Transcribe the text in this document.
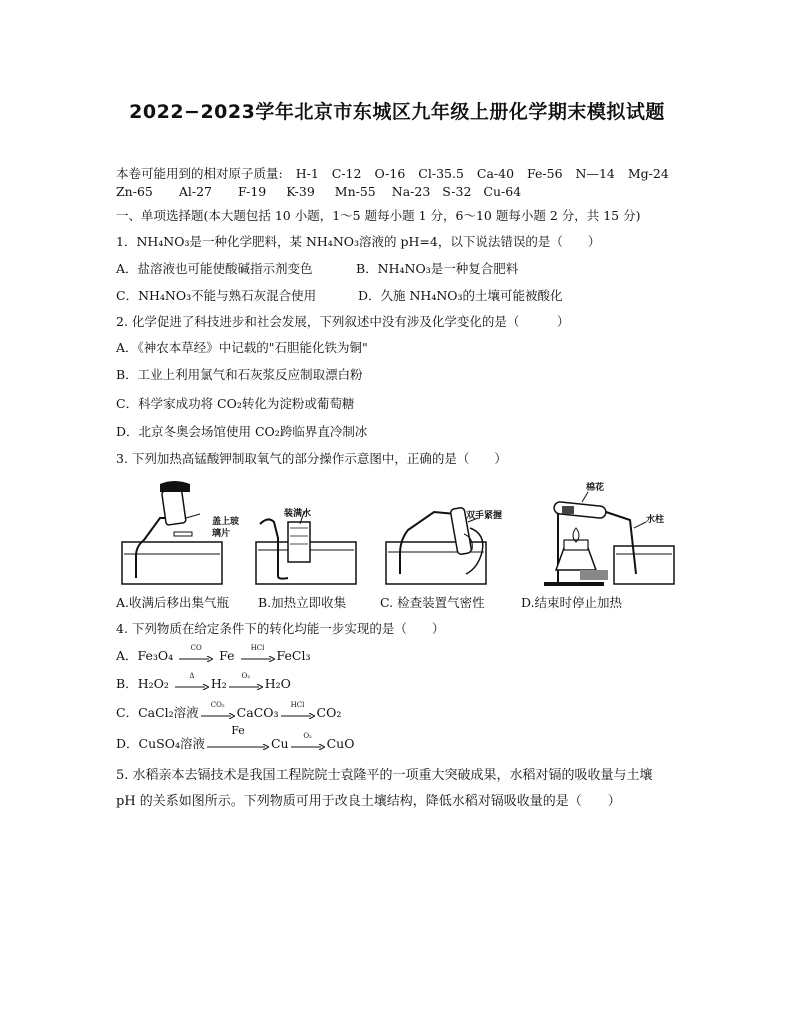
2022−2023学年北京市东城区九年级上册化学期末模拟试题
本卷可能用到的相对原子质量: H-1 C-12 O-16 Cl-35.5 Ca-40 Fe-56 N—14 Mg-24
Zn-65 Al-27 F-19 K-39 Mn-55 Na-23 S-32 Cu-64
一、单项选择题(本大题包括 10 小题，1～5 题每小题 1 分，6～10 题每小题 2 分，共 15 分)
1．NH₄NO₃是一种化学肥料，某 NH₄NO₃溶液的 pH=4，以下说法错误的是（　　）
A．盐溶液也可能使酸碱指示剂变色	B．NH₄NO₃是一种复合肥料
C．NH₄NO₃不能与熟石灰混合使用	D．久施 NH₄NO₃的土壤可能被酸化
2. 化学促进了科技进步和社会发展，下列叙述中没有涉及化学变化的是（　　　）
A．《神农本草经》中记载的"石胆能化铁为铜"
B．工业上利用氯气和石灰浆反应制取漂白粉
C．科学家成功将 CO₂转化为淀粉或葡萄糖
D．北京冬奥会场馆使用 CO₂跨临界直冷制冰
3. 下列加热高锰酸钾制取氧气的部分操作示意图中，正确的是（　　）
盖上玻璃片
装满水	双手紧握
棉花
水柱
A.收满后移出集气瓶 B.加热立即收集	C. 检查装置气密性	D.结束时停止加热
4. 下列物质在给定条件下的转化均能一步实现的是（　　）
A．Fe₃O₄
CO
Fe
HCl
FeCl₃
B．H₂O₂
Δ
H₂
O₂
H₂O
C．CaCl₂溶液
CO₂
CaCO₃
HCl
CO₂
D．CuSO₄溶液
Fe
Cu
O₂
CuO
5. 水稻亲本去镉技术是我国工程院院士袁隆平的一项重大突破成果，水稻对镉的吸收量与土壤
pH 的关系如图所示。下列物质可用于改良土壤结构，降低水稻对镉吸收量的是（　　）
